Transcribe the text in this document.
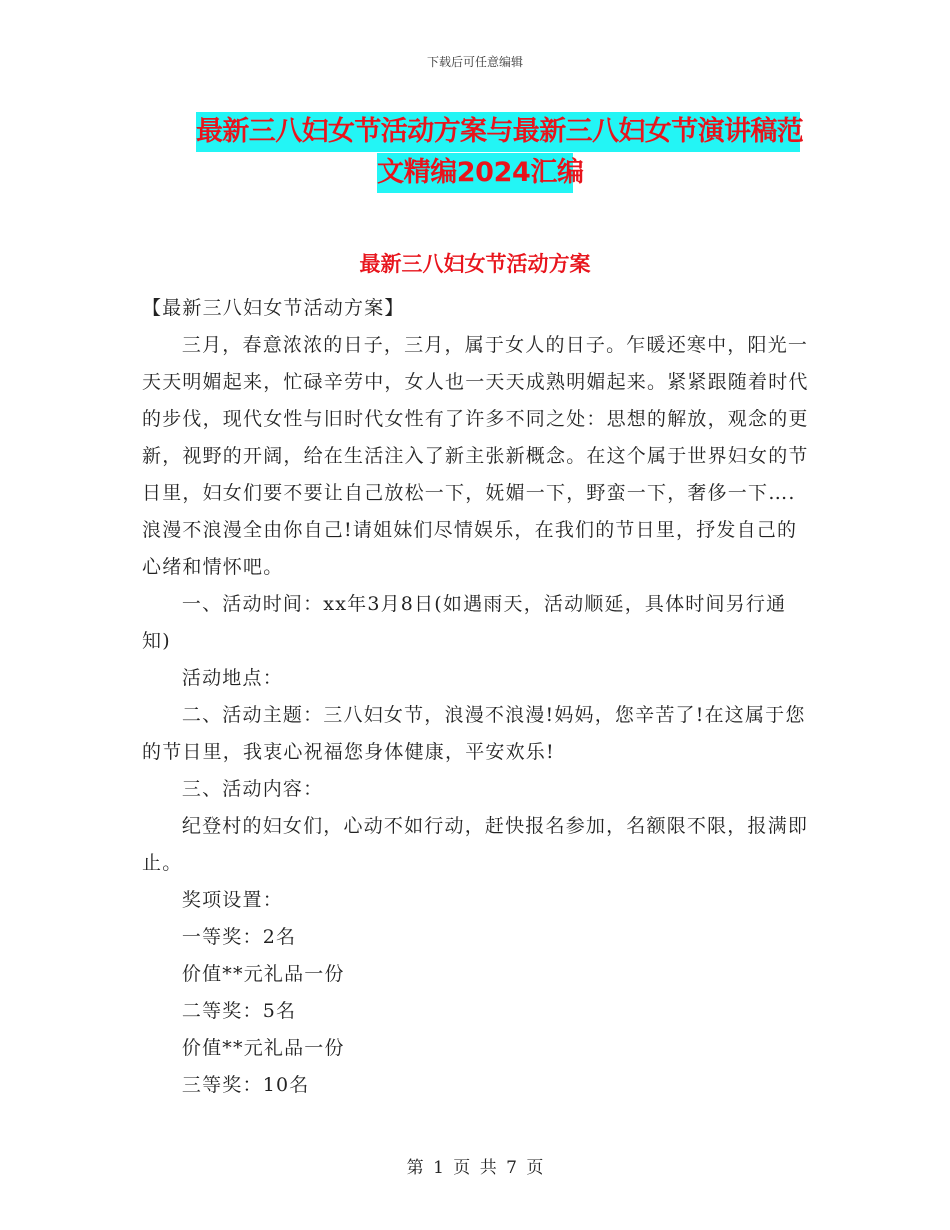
下载后可任意编辑
最新三八妇女节活动方案与最新三八妇女节演讲稿范
文精编2024汇编
最新三八妇女节活动方案

【最新三八妇女节活动方案】

三月，春意浓浓的日子，三月，属于女人的日子。乍暖还寒中，阳光一天天明媚起来，忙碌辛劳中，女人也一天天成熟明媚起来。紧紧跟随着时代的步伐，现代女性与旧时代女性有了许多不同之处：思想的解放，观念的更新，视野的开阔，给在生活注入了新主张新概念。在这个属于世界妇女的节日里，妇女们要不要让自己放松一下，妩媚一下，野蛮一下，奢侈一下….浪漫不浪漫全由你自己!请姐妹们尽情娱乐，在我们的节日里，抒发自己的心绪和情怀吧。

一、活动时间：xx年3月8日(如遇雨天，活动顺延，具体时间另行通知)

活动地点：

二、活动主题：三八妇女节，浪漫不浪漫!妈妈，您辛苦了!在这属于您的节日里，我衷心祝福您身体健康，平安欢乐!

三、活动内容：

纪登村的妇女们，心动不如行动，赶快报名参加，名额限不限，报满即止。

奖项设置：

一等奖：2名

价值**元礼品一份

二等奖：5名

价值**元礼品一份

三等奖：10名

第 1 页 共 7 页
